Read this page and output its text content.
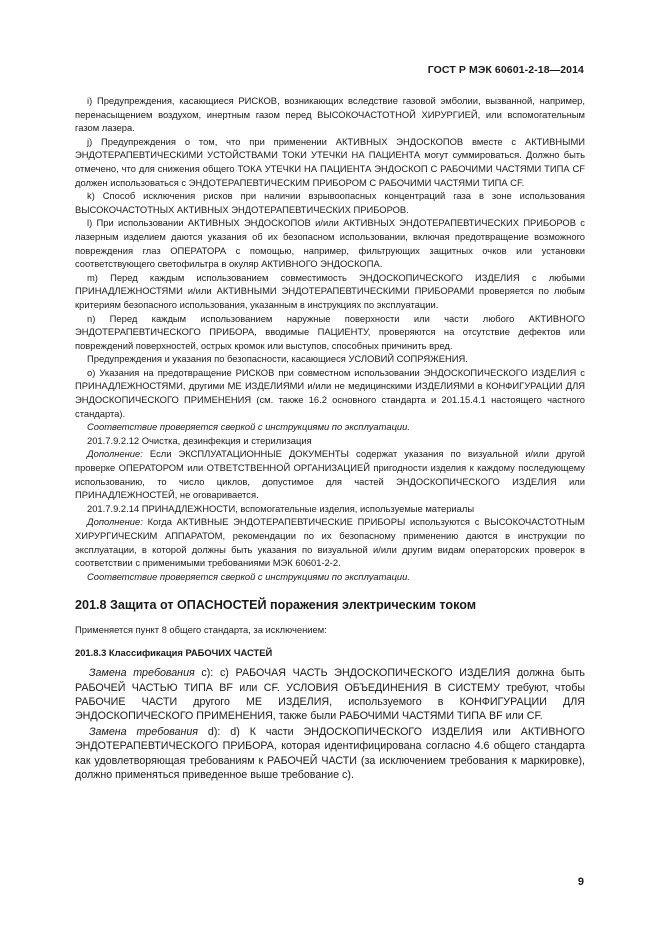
ГОСТ Р МЭК 60601-2-18—2014

i) Предупреждения, касающиеся РИСКОВ, возникающих вследствие газовой эмболии, вызванной, например, перенасыщением воздухом, инертным газом перед ВЫСОКОЧАСТОТНОЙ ХИРУРГИЕЙ, или вспомогательным газом лазера.

j) Предупреждения о том, что при применении АКТИВНЫХ ЭНДОСКОПОВ вместе с АКТИВНЫМИ ЭНДОТЕРАПЕВТИЧЕСКИМИ УСТОЙСТВАМИ ТОКИ УТЕЧКИ НА ПАЦИЕНТА могут суммироваться. Должно быть отмечено, что для снижения общего ТОКА УТЕЧКИ НА ПАЦИЕНТА ЭНДОСКОП С РАБОЧИМИ ЧАСТЯМИ ТИПА CF должен использоваться с ЭНДОТЕРАПЕВТИЧЕСКИМ ПРИБОРОМ С РАБОЧИМИ ЧАСТЯМИ ТИПА CF.

k) Способ исключения рисков при наличии взрывоопасных концентраций газа в зоне использования ВЫСОКОЧАСТОТНЫХ АКТИВНЫХ ЭНДОТЕРАПЕВТИЧЕСКИХ ПРИБОРОВ.

l) При использовании АКТИВНЫХ ЭНДОСКОПОВ и/или АКТИВНЫХ ЭНДОТЕРАПЕВТИЧЕСКИХ ПРИБОРОВ с лазерным изделием даются указания об их безопасном использовании, включая предотвращение возможного повреждения глаз ОПЕРАТОРА с помощью, например, фильтрующих защитных очков или установки соответствующего светофильтра в окуляр АКТИВНОГО ЭНДОСКОПА.

m) Перед каждым использованием совместимость ЭНДОСКОПИЧЕСКОГО ИЗДЕЛИЯ с любыми ПРИНАДЛЕЖНОСТЯМИ и/или АКТИВНЫМИ ЭНДОТЕРАПЕВТИЧЕСКИМИ ПРИБОРАМИ проверяется по любым критериям безопасного использования, указанным в инструкциях по эксплуатации.

n) Перед каждым использованием наружные поверхности или части любого АКТИВНОГО ЭНДОТЕРАПЕВТИЧЕСКОГО ПРИБОРА, вводимые ПАЦИЕНТУ, проверяются на отсутствие дефектов или повреждений поверхностей, острых кромок или выступов, способных причинить вред.

Предупреждения и указания по безопасности, касающиеся УСЛОВИЙ СОПРЯЖЕНИЯ.

o) Указания на предотвращение РИСКОВ при совместном использовании ЭНДОСКОПИЧЕСКОГО ИЗДЕЛИЯ с ПРИНАДЛЕЖНОСТЯМИ, другими МЕ ИЗДЕЛИЯМИ и/или не медицинскими ИЗДЕЛИЯМИ в КОНФИГУРАЦИИ ДЛЯ ЭНДОСКОПИЧЕСКОГО ПРИМЕНЕНИЯ (см. также 16.2 основного стандарта и 201.15.4.1 настоящего частного стандарта).

Соответствие проверяется сверкой с инструкциями по эксплуатации.

201.7.9.2.12 Очистка, дезинфекция и стерилизация

Дополнение: Если ЭКСПЛУАТАЦИОННЫЕ ДОКУМЕНТЫ содержат указания по визуальной и/или другой проверке ОПЕРАТОРОМ или ОТВЕТСТВЕННОЙ ОРГАНИЗАЦИЕЙ пригодности изделия к каждому последующему использованию, то число циклов, допустимое для частей ЭНДОСКОПИЧЕСКОГО ИЗДЕЛИЯ или ПРИНАДЛЕЖНОСТЕЙ, не оговаривается.

201.7.9.2.14 ПРИНАДЛЕЖНОСТИ, вспомогательные изделия, используемые материалы

Дополнение: Когда АКТИВНЫЕ ЭНДОТЕРАПЕВТИЧЕСКИЕ ПРИБОРЫ используются с ВЫСОКОЧАСТОТНЫМ ХИРУРГИЧЕСКИМ АППАРАТОМ, рекомендации по их безопасному применению даются в инструкции по эксплуатации, в которой должны быть указания по визуальной и/или другим видам операторских проверок в соответствии с применимыми требованиями МЭК 60601-2-2.

Соответствие проверяется сверкой с инструкциями по эксплуатации.

201.8 Защита от ОПАСНОСТЕЙ поражения электрическим током

Применяется пункт 8 общего стандарта, за исключением:

201.8.3 Классификация РАБОЧИХ ЧАСТЕЙ

Замена требования с): с) РАБОЧАЯ ЧАСТЬ ЭНДОСКОПИЧЕСКОГО ИЗДЕЛИЯ должна быть РАБОЧЕЙ ЧАСТЬЮ ТИПА BF или CF. УСЛОВИЯ ОБЪЕДИНЕНИЯ В СИСТЕМУ требуют, чтобы РАБОЧИЕ ЧАСТИ другого МЕ ИЗДЕЛИЯ, используемого в КОНФИГУРАЦИИ ДЛЯ ЭНДОСКОПИЧЕСКОГО ПРИМЕНЕНИЯ, также были РАБОЧИМИ ЧАСТЯМИ ТИПА BF или CF.

Замена требования d): d) К части ЭНДОСКОПИЧЕСКОГО ИЗДЕЛИЯ или АКТИВНОГО ЭНДОТЕРАПЕВТИЧЕСКОГО ПРИБОРА, которая идентифицирована согласно 4.6 общего стандарта как удовлетворяющая требованиям к РАБОЧЕЙ ЧАСТИ (за исключением требования к маркировке), должно применяться приведенное выше требование с).

9
